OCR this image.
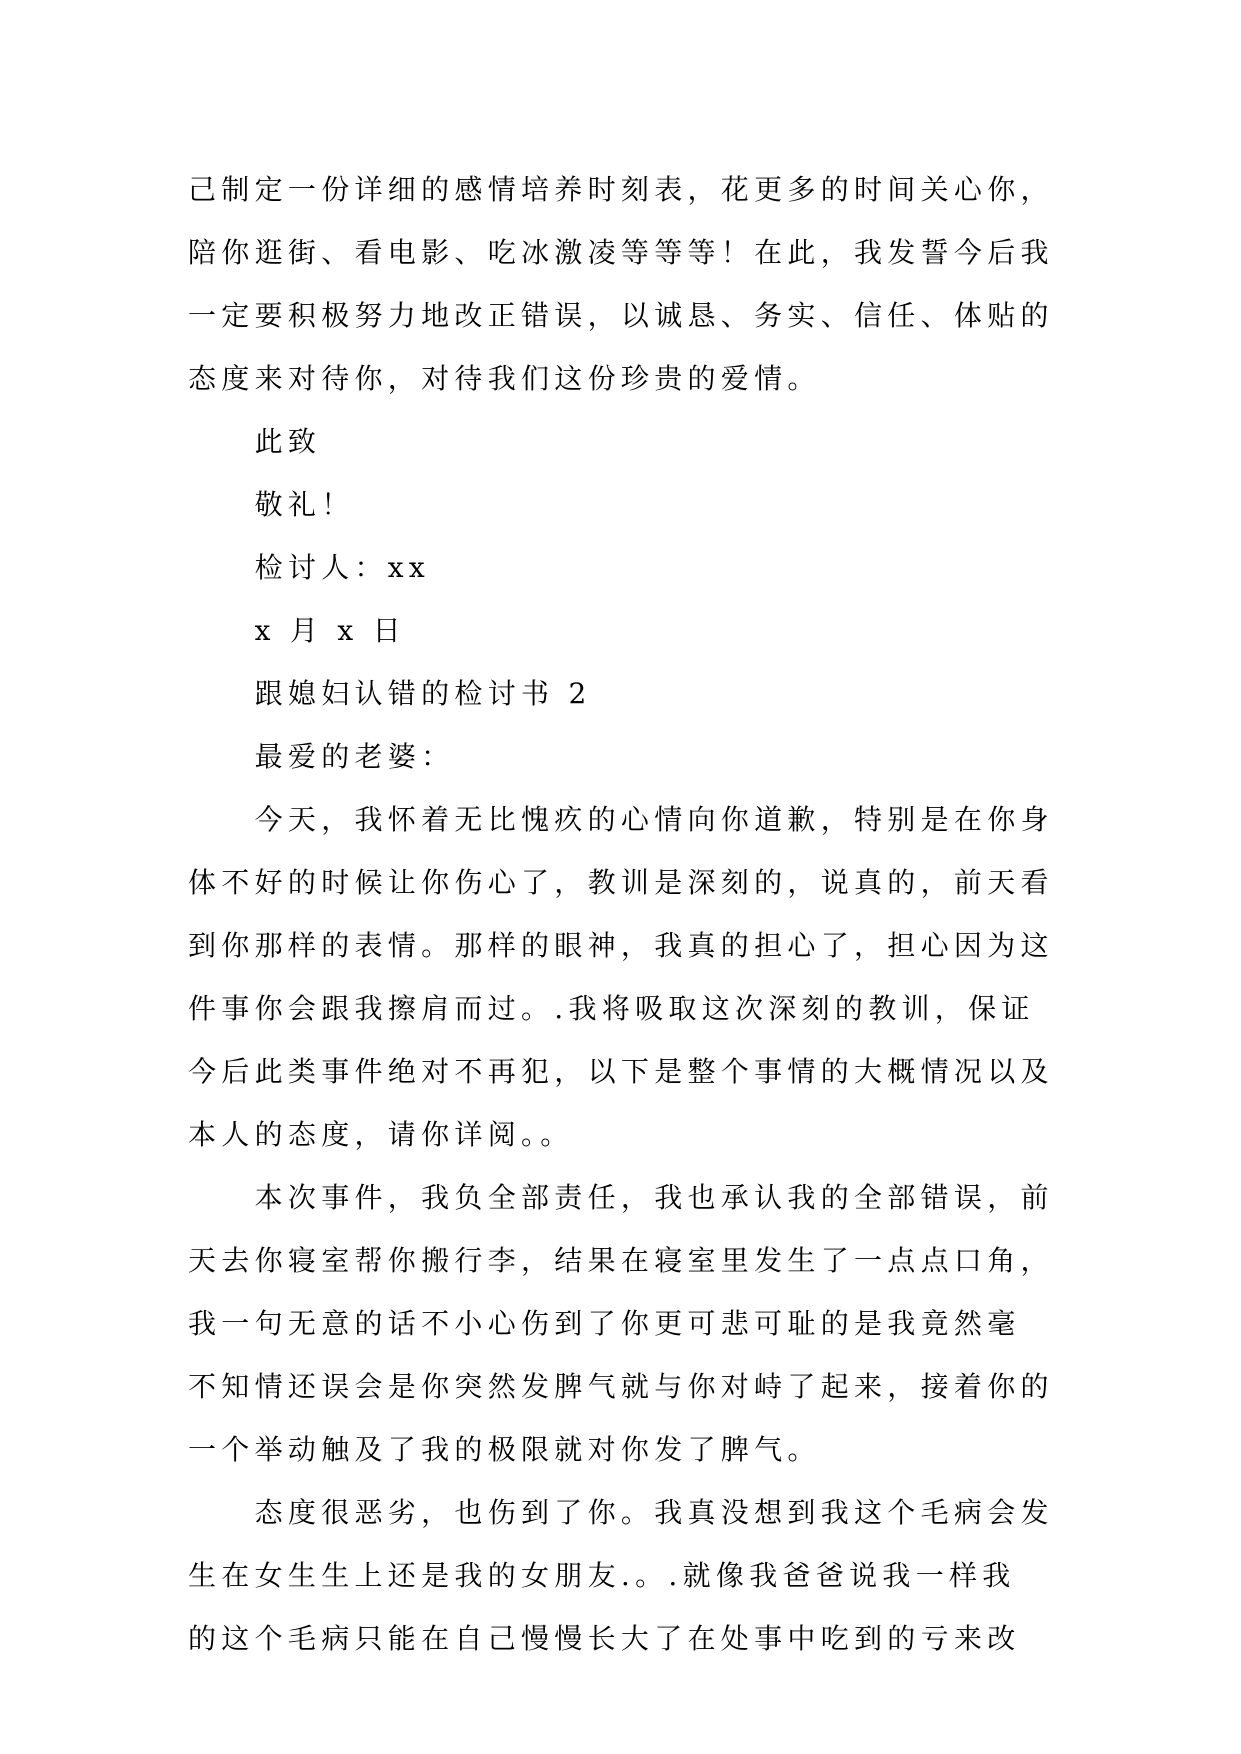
己制定一份详细的感情培养时刻表，花更多的时间关心你，
陪你逛街、看电影、吃冰激凌等等等！在此，我发誓今后我
一定要积极努力地改正错误，以诚恳、务实、信任、体贴的
态度来对待你，对待我们这份珍贵的爱情。
此致
敬礼！
检讨人：xx
x 月 x 日
跟媳妇认错的检讨书 2
最爱的老婆：
今天，我怀着无比愧疚的心情向你道歉，特别是在你身
体不好的时候让你伤心了，教训是深刻的，说真的，前天看
到你那样的表情。那样的眼神，我真的担心了，担心因为这
件事你会跟我擦肩而过。.我将吸取这次深刻的教训，保证
今后此类事件绝对不再犯，以下是整个事情的大概情况以及
本人的态度，请你详阅。。
本次事件，我负全部责任，我也承认我的全部错误，前
天去你寝室帮你搬行李，结果在寝室里发生了一点点口角，
我一句无意的话不小心伤到了你更可悲可耻的是我竟然毫
不知情还误会是你突然发脾气就与你对峙了起来，接着你的
一个举动触及了我的极限就对你发了脾气。
态度很恶劣，也伤到了你。我真没想到我这个毛病会发
生在女生生上还是我的女朋友.。.就像我爸爸说我一样我
的这个毛病只能在自己慢慢长大了在处事中吃到的亏来改
